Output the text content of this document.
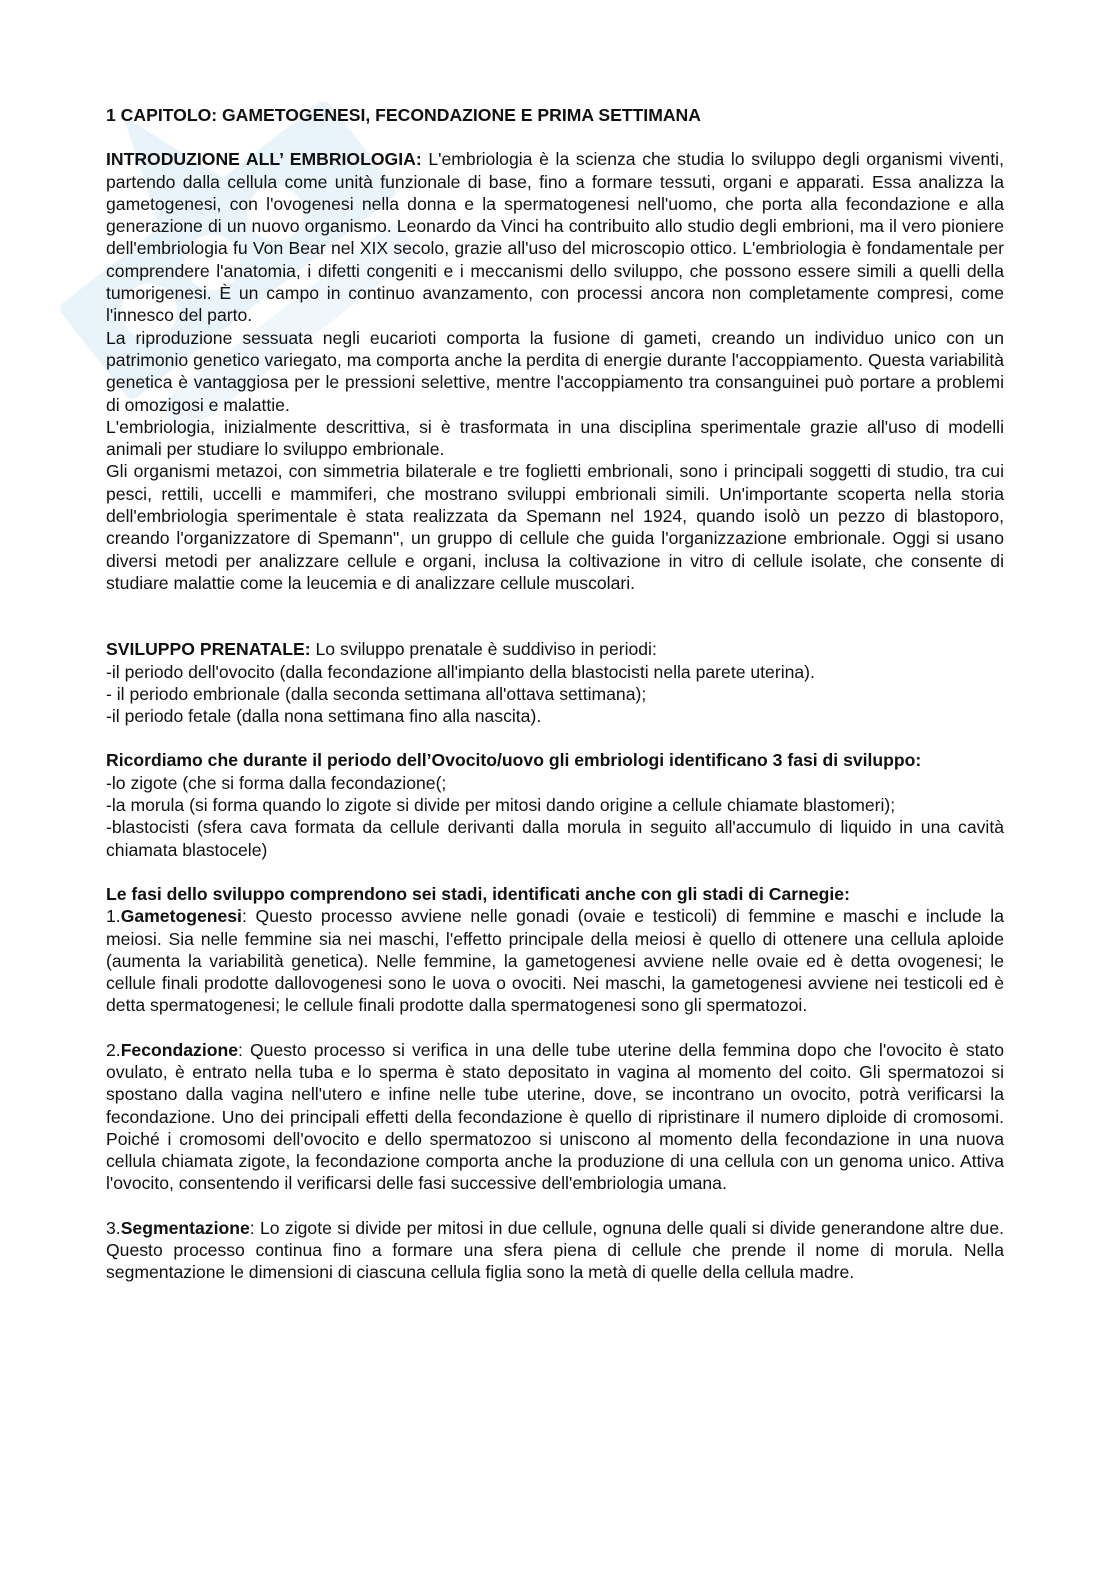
1 CAPITOLO: GAMETOGENESI, FECONDAZIONE E PRIMA SETTIMANA

INTRODUZIONE ALL’ EMBRIOLOGIA: L'embriologia è la scienza che studia lo sviluppo degli organismi viventi, partendo dalla cellula come unità funzionale di base, fino a formare tessuti, organi e apparati. Essa analizza la gametogenesi, con l'ovogenesi nella donna e la spermatogenesi nell'uomo, che porta alla fecondazione e alla generazione di un nuovo organismo. Leonardo da Vinci ha contribuito allo studio degli embrioni, ma il vero pioniere dell'embriologia fu Von Bear nel XIX secolo, grazie all'uso del microscopio ottico. L'embriologia è fondamentale per comprendere l'anatomia, i difetti congeniti e i meccanismi dello sviluppo, che possono essere simili a quelli della tumorigenesi. È un campo in continuo avanzamento, con processi ancora non completamente compresi, come l'innesco del parto.

La riproduzione sessuata negli eucarioti comporta la fusione di gameti, creando un individuo unico con un patrimonio genetico variegato, ma comporta anche la perdita di energie durante l'accoppiamento. Questa variabilità genetica è vantaggiosa per le pressioni selettive, mentre l'accoppiamento tra consanguinei può portare a problemi di omozigosi e malattie.

L'embriologia, inizialmente descrittiva, si è trasformata in una disciplina sperimentale grazie all'uso di modelli animali per studiare lo sviluppo embrionale.

Gli organismi metazoi, con simmetria bilaterale e tre foglietti embrionali, sono i principali soggetti di studio, tra cui pesci, rettili, uccelli e mammiferi, che mostrano sviluppi embrionali simili. Un'importante scoperta nella storia dell'embriologia sperimentale è stata realizzata da Spemann nel 1924, quando isolò un pezzo di blastoporo, creando l'organizzatore di Spemann", un gruppo di cellule che guida l'organizzazione embrionale. Oggi si usano diversi metodi per analizzare cellule e organi, inclusa la coltivazione in vitro di cellule isolate, che consente di studiare malattie come la leucemia e di analizzare cellule muscolari.

SVILUPPO PRENATALE: Lo sviluppo prenatale è suddiviso in periodi:

-il periodo dell'ovocito (dalla fecondazione all'impianto della blastocisti nella parete uterina).

- il periodo embrionale (dalla seconda settimana all'ottava settimana);

-il periodo fetale (dalla nona settimana fino alla nascita).

Ricordiamo che durante il periodo dell’Ovocito/uovo gli embriologi identificano 3 fasi di sviluppo:

-lo zigote (che si forma dalla fecondazione(;

-la morula (si forma quando lo zigote si divide per mitosi dando origine a cellule chiamate blastomeri);

-blastocisti (sfera cava formata da cellule derivanti dalla morula in seguito all'accumulo di liquido in una cavità chiamata blastocele)

Le fasi dello sviluppo comprendono sei stadi, identificati anche con gli stadi di Carnegie:

1.Gametogenesi: Questo processo avviene nelle gonadi (ovaie e testicoli) di femmine e maschi e include la meiosi. Sia nelle femmine sia nei maschi, l'effetto principale della meiosi è quello di ottenere una cellula aploide (aumenta la variabilità genetica). Nelle femmine, la gametogenesi avviene nelle ovaie ed è detta ovogenesi; le cellule finali prodotte dallovogenesi sono le uova o ovociti. Nei maschi, la gametogenesi avviene nei testicoli ed è detta spermatogenesi; le cellule finali prodotte dalla spermatogenesi sono gli spermatozoi.

2.Fecondazione: Questo processo si verifica in una delle tube uterine della femmina dopo che l'ovocito è stato ovulato, è entrato nella tuba e lo sperma è stato depositato in vagina al momento del coito. Gli spermatozoi si spostano dalla vagina nell'utero e infine nelle tube uterine, dove, se incontrano un ovocito, potrà verificarsi la fecondazione. Uno dei principali effetti della fecondazione è quello di ripristinare il numero diploide di cromosomi. Poiché i cromosomi dell'ovocito e dello spermatozoo si uniscono al momento della fecondazione in una nuova cellula chiamata zigote, la fecondazione comporta anche la produzione di una cellula con un genoma unico. Attiva l'ovocito, consentendo il verificarsi delle fasi successive dell'embriologia umana.

3.Segmentazione: Lo zigote si divide per mitosi in due cellule, ognuna delle quali si divide generandone altre due. Questo processo continua fino a formare una sfera piena di cellule che prende il nome di morula. Nella segmentazione le dimensioni di ciascuna cellula figlia sono la metà di quelle della cellula madre.
